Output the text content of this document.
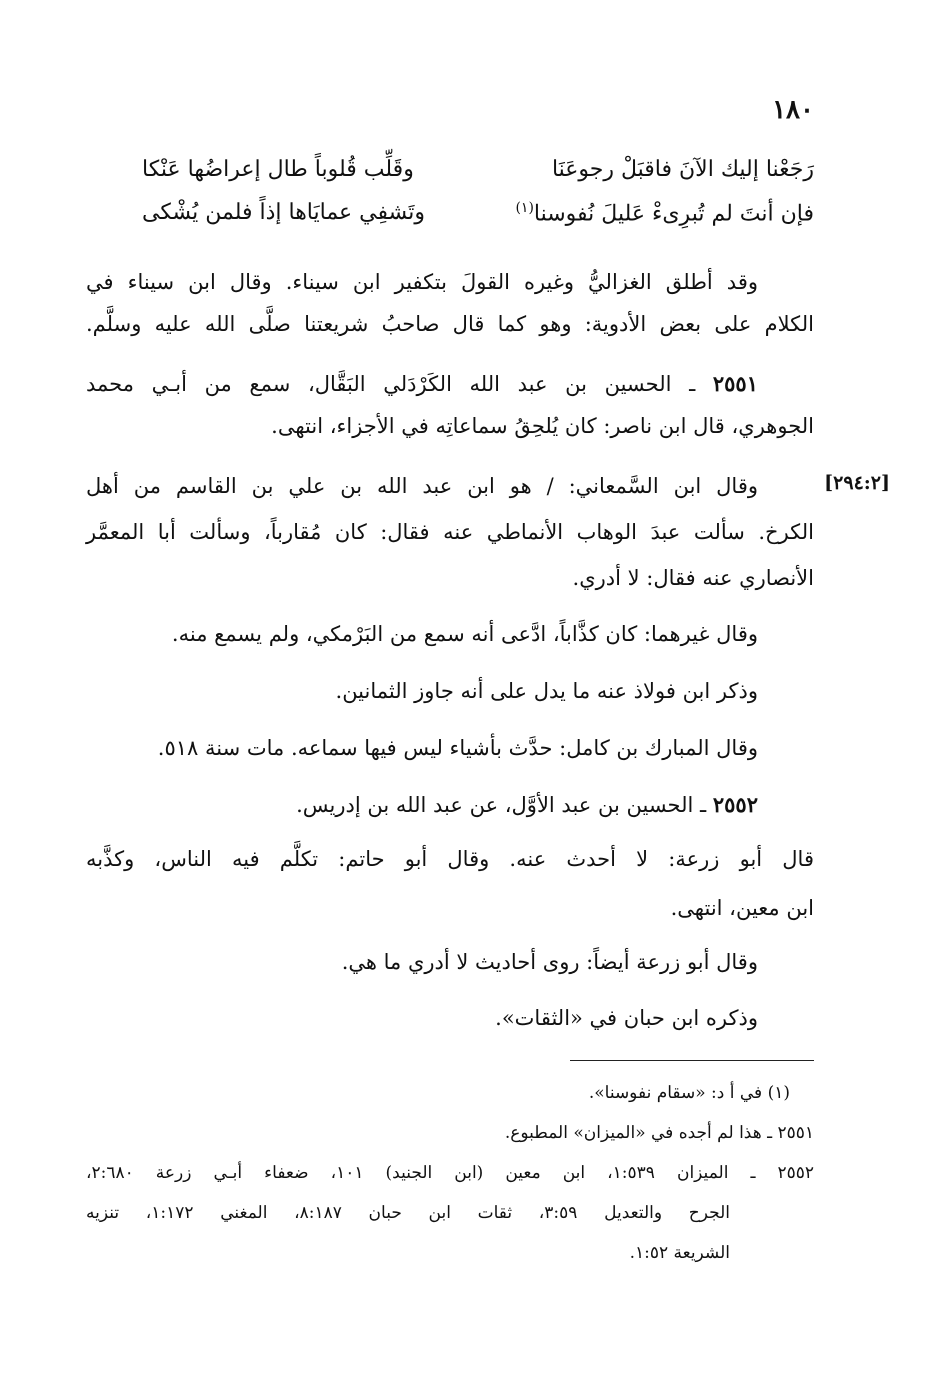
١٨٠
رَجَعْنا إليك الآنَ فاقبَلْ رجوعَنَا
وقَلِّب قُلوباً طال إعراضُها عَنْكا
فإن أنتَ لم تُبرِىءْ عَليلَ نُفوسنا$^{(١)}$
وتَشفِي عمايَاها إذاً فلمن يُشْكى
وقد أطلق الغزاليُّ وغيره القولَ بتكفير ابن سيناء. وقال ابن سيناء في
الكلام على بعض الأدوية: وهو كما قال صاحبُ شريعتنا صلَّى الله عليه وسلَّم.
٢٥٥١ ـ الحسين بن عبد الله الكَرْدَلي البَقَّال، سمع من أبـي محمد
الجوهري، قال ابن ناصر: كان يُلحِقُ سماعاتِه في الأجزاء، انتهى.
[٢٩٤:٢]
وقال ابن السَّمعاني: / هو ابن عبد الله بن علي بن القاسم من أهل
الكرخ. سألت عبدَ الوهاب الأنماطي عنه فقال: كان مُقارباً، وسألت أبا المعمَّر
الأنصاري عنه فقال: لا أدري.
وقال غيرهما: كان كذَّاباً، ادَّعى أنه سمع من البَرْمكي، ولم يسمع منه.
وذكر ابن فولاذ عنه ما يدل على أنه جاوز الثمانين.
وقال المبارك بن كامل: حدَّث بأشياء ليس فيها سماعه. مات سنة ٥١٨.
٢٥٥٢ ـ الحسين بن عبد الأوَّل، عن عبد الله بن إدريس.
قال أبو زرعة: لا أحدث عنه. وقال أبو حاتم: تكلَّم فيه الناس، وكذَّبه
ابن معين، انتهى.
وقال أبو زرعة أيضاً: روى أحاديث لا أدري ما هي.
وذكره ابن حبان في «الثقات».
(١) في أ د: «سقام نفوسنا».
٢٥٥١ ـ هذا لم أجده في «الميزان» المطبوع.
٢٥٥٢ ـ الميزان ١:٥٣٩، ابن معين (ابن الجنيد) ١٠١، ضعفاء أبـي زرعة ٢:٦٨٠،
الجرح والتعديل ٣:٥٩، ثقات ابن حبان ٨:١٨٧، المغني ١:١٧٢، تنزيه
الشريعة ١:٥٢.
